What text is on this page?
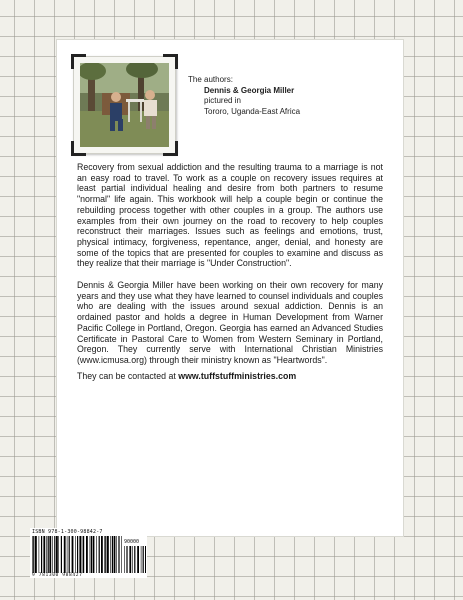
The authors:
Dennis & Georgia Miller
pictured in
Tororo, Uganda-East Africa

Recovery from sexual addiction and the resulting trauma to a marriage is not an easy road to travel. To work as a couple on recovery issues requires at least partial individual healing and desire from both partners to resume "normal" life again. This workbook will help a couple begin or continue the rebuilding process together with other couples in a group. The authors use examples from their own journey on the road to recovery to help couples reconstruct their marriages. Issues such as feelings and emotions, trust, physical intimacy, forgiveness, repentance, anger, denial, and honesty are some of the topics that are presented for couples to examine and discuss as they realize that their marriage is "Under Construction".

Dennis & Georgia Miller have been working on their own recovery for many years and they use what they have learned to counsel individuals and couples who are dealing with the issues around sexual addiction. Dennis is an ordained pastor and holds a degree in Human Development from Warner Pacific College in Portland, Oregon. Georgia has earned an Advanced Studies Certificate in Pastoral Care to Women from Western Seminary in Portland, Oregon. They currently serve with International Christian Ministries (www.icmusa.org) through their ministry known as "Heartwords".

They can be contacted at www.tuffstuffministries.com
ISBN 978-1-300-98842-7
90000
9 781300 988427
